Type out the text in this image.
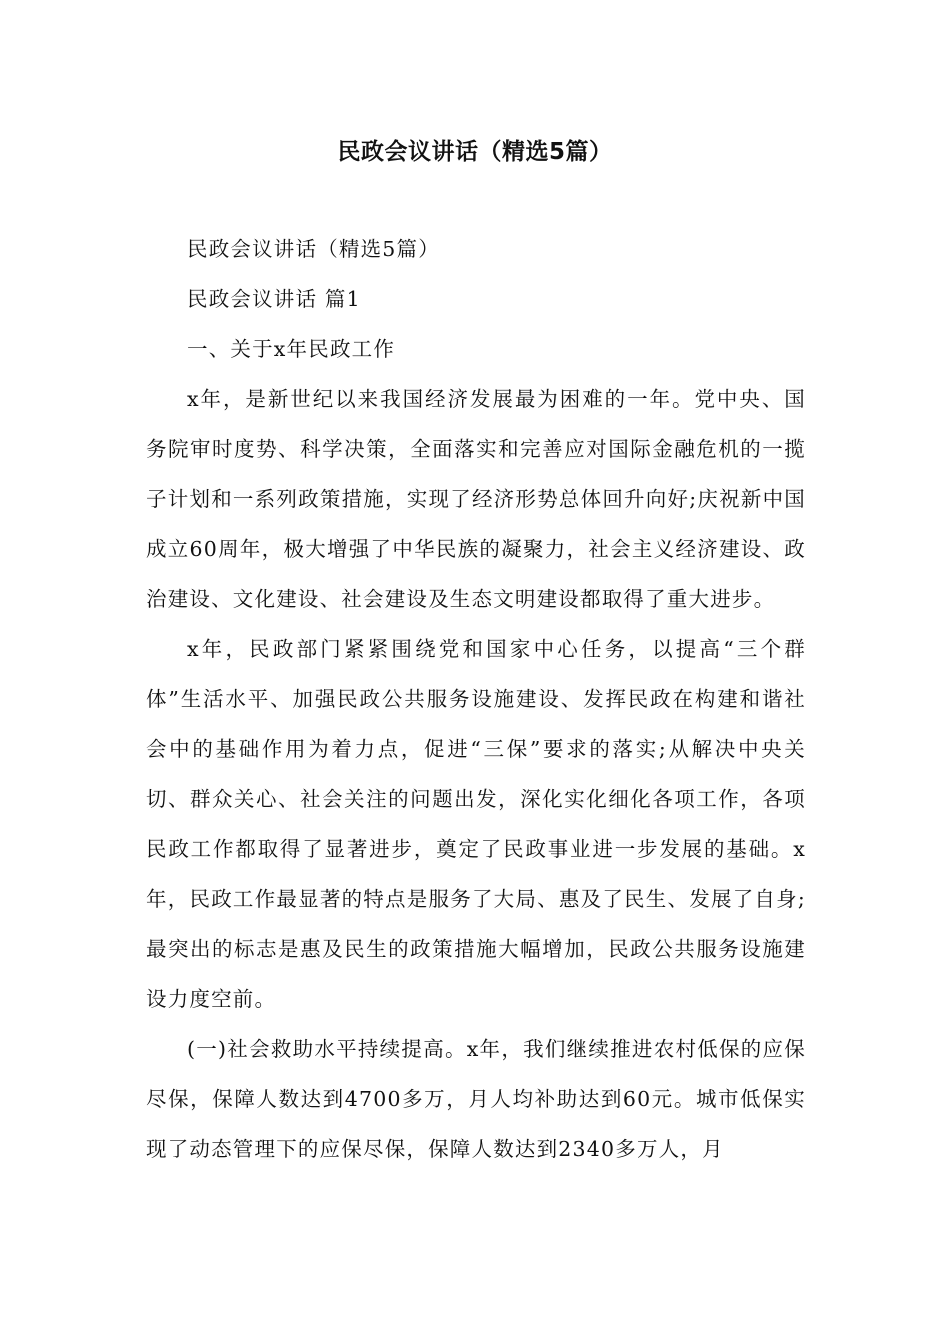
民政会议讲话（精选5篇）

民政会议讲话（精选5篇）

民政会议讲话 篇1

一、关于x年民政工作

x年，是新世纪以来我国经济发展最为困难的一年。党中央、国务院审时度势、科学决策，全面落实和完善应对国际金融危机的一揽子计划和一系列政策措施，实现了经济形势总体回升向好;庆祝新中国成立60周年，极大增强了中华民族的凝聚力，社会主义经济建设、政治建设、文化建设、社会建设及生态文明建设都取得了重大进步。

x年，民政部门紧紧围绕党和国家中心任务，以提高“三个群体”生活水平、加强民政公共服务设施建设、发挥民政在构建和谐社会中的基础作用为着力点，促进“三保”要求的落实;从解决中央关切、群众关心、社会关注的问题出发，深化实化细化各项工作，各项民政工作都取得了显著进步，奠定了民政事业进一步发展的基础。x年，民政工作最显著的特点是服务了大局、惠及了民生、发展了自身;最突出的标志是惠及民生的政策措施大幅增加，民政公共服务设施建设力度空前。

(一)社会救助水平持续提高。x年，我们继续推进农村低保的应保尽保，保障人数达到4700多万，月人均补助达到60元。城市低保实现了动态管理下的应保尽保，保障人数达到2340多万人，月
